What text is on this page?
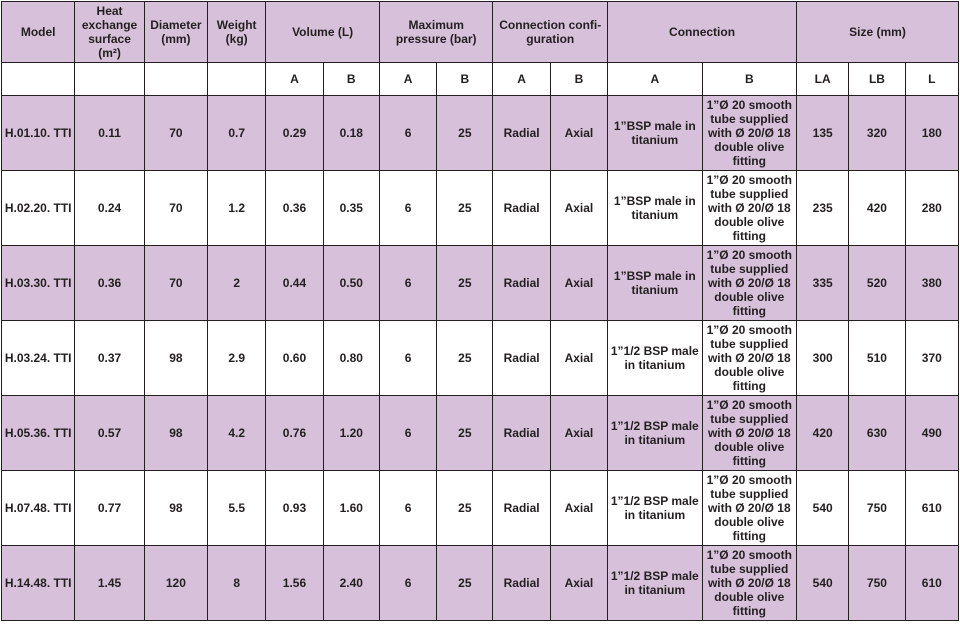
Model	Heat exchange surface (m²)	Diameter (mm)	Weight (kg)	Volume (L)		Maximum pressure (bar)		Connection confi- guration		Connection		Size (mm)		
				A	B	A	B	A	B	A	B	LA	LB	L
H.01.10. TTI	0.11	70	0.7	0.29	0.18	6	25	Radial	Axial	1”BSP male in titanium	1”Ø 20 smooth tube supplied with Ø 20/Ø 18 double olive fitting	135	320	180
H.02.20. TTI	0.24	70	1.2	0.36	0.35	6	25	Radial	Axial	1”BSP male in titanium	1”Ø 20 smooth tube supplied with Ø 20/Ø 18 double olive fitting	235	420	280
H.03.30. TTI	0.36	70	2	0.44	0.50	6	25	Radial	Axial	1”BSP male in titanium	1”Ø 20 smooth tube supplied with Ø 20/Ø 18 double olive fitting	335	520	380
H.03.24. TTI	0.37	98	2.9	0.60	0.80	6	25	Radial	Axial	1”1/2 BSP male in titanium	1”Ø 20 smooth tube supplied with Ø 20/Ø 18 double olive fitting	300	510	370
H.05.36. TTI	0.57	98	4.2	0.76	1.20	6	25	Radial	Axial	1”1/2 BSP male in titanium	1”Ø 20 smooth tube supplied with Ø 20/Ø 18 double olive fitting	420	630	490
H.07.48. TTI	0.77	98	5.5	0.93	1.60	6	25	Radial	Axial	1”1/2 BSP male in titanium	1”Ø 20 smooth tube supplied with Ø 20/Ø 18 double olive fitting	540	750	610
H.14.48. TTI	1.45	120	8	1.56	2.40	6	25	Radial	Axial	1”1/2 BSP male in titanium	1”Ø 20 smooth tube supplied with Ø 20/Ø 18 double olive fitting	540	750	610
